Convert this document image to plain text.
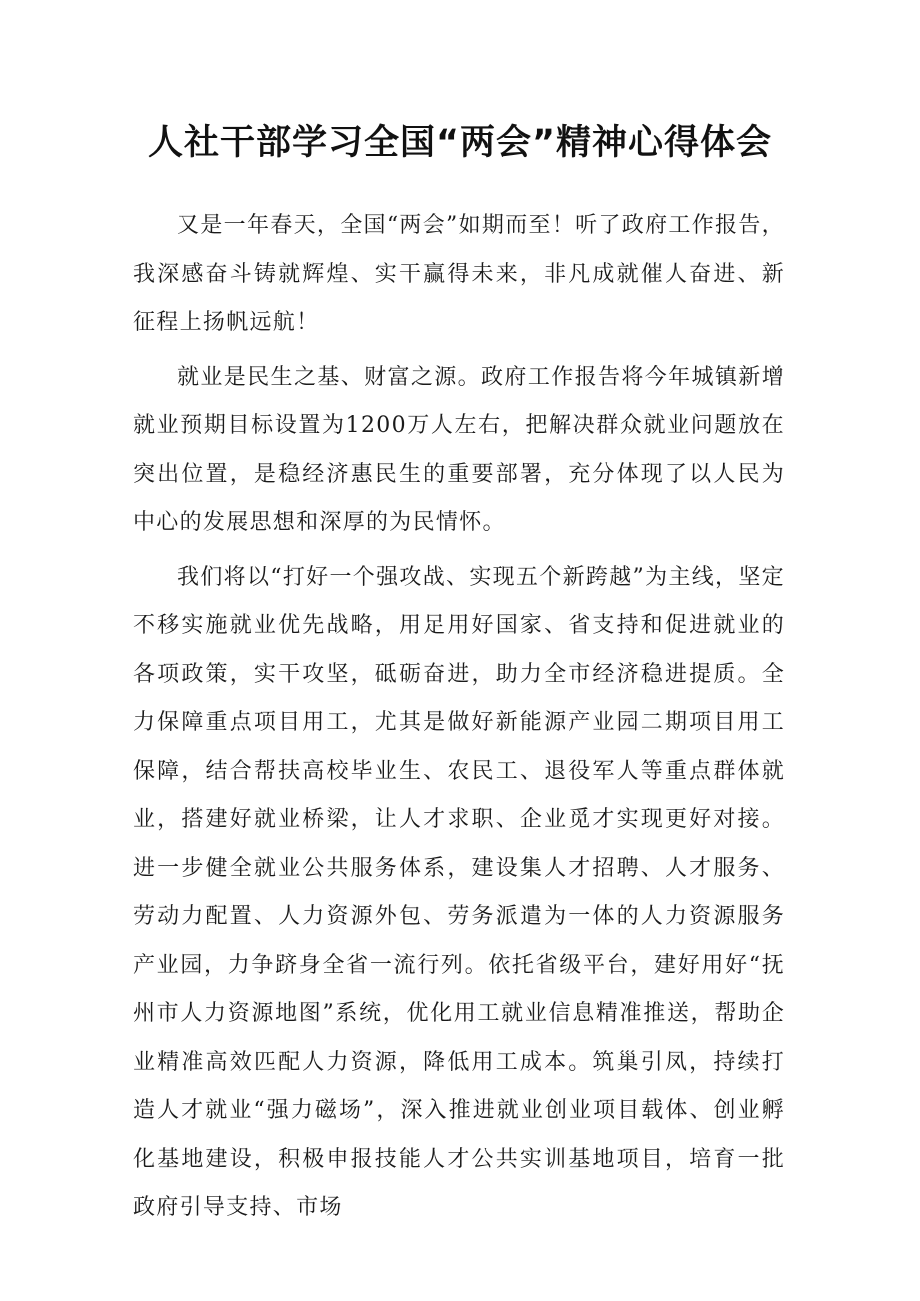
人社干部学习全国“两会”精神心得体会

又是一年春天，全国“两会”如期而至！听了政府工作报告，我深感奋斗铸就辉煌、实干赢得未来，非凡成就催人奋进、新征程上扬帆远航！

就业是民生之基、财富之源。政府工作报告将今年城镇新增就业预期目标设置为1200万人左右，把解决群众就业问题放在突出位置，是稳经济惠民生的重要部署，充分体现了以人民为中心的发展思想和深厚的为民情怀。

我们将以“打好一个强攻战、实现五个新跨越”为主线，坚定不移实施就业优先战略，用足用好国家、省支持和促进就业的各项政策，实干攻坚，砥砺奋进，助力全市经济稳进提质。全力保障重点项目用工，尤其是做好新能源产业园二期项目用工保障，结合帮扶高校毕业生、农民工、退役军人等重点群体就业，搭建好就业桥梁，让人才求职、企业觅才实现更好对接。进一步健全就业公共服务体系，建设集人才招聘、人才服务、劳动力配置、人力资源外包、劳务派遣为一体的人力资源服务产业园，力争跻身全省一流行列。依托省级平台，建好用好“抚州市人力资源地图”系统，优化用工就业信息精准推送，帮助企业精准高效匹配人力资源，降低用工成本。筑巢引凤，持续打造人才就业“强力磁场”，深入推进就业创业项目载体、创业孵化基地建设，积极申报技能人才公共实训基地项目，培育一批政府引导支持、市场
